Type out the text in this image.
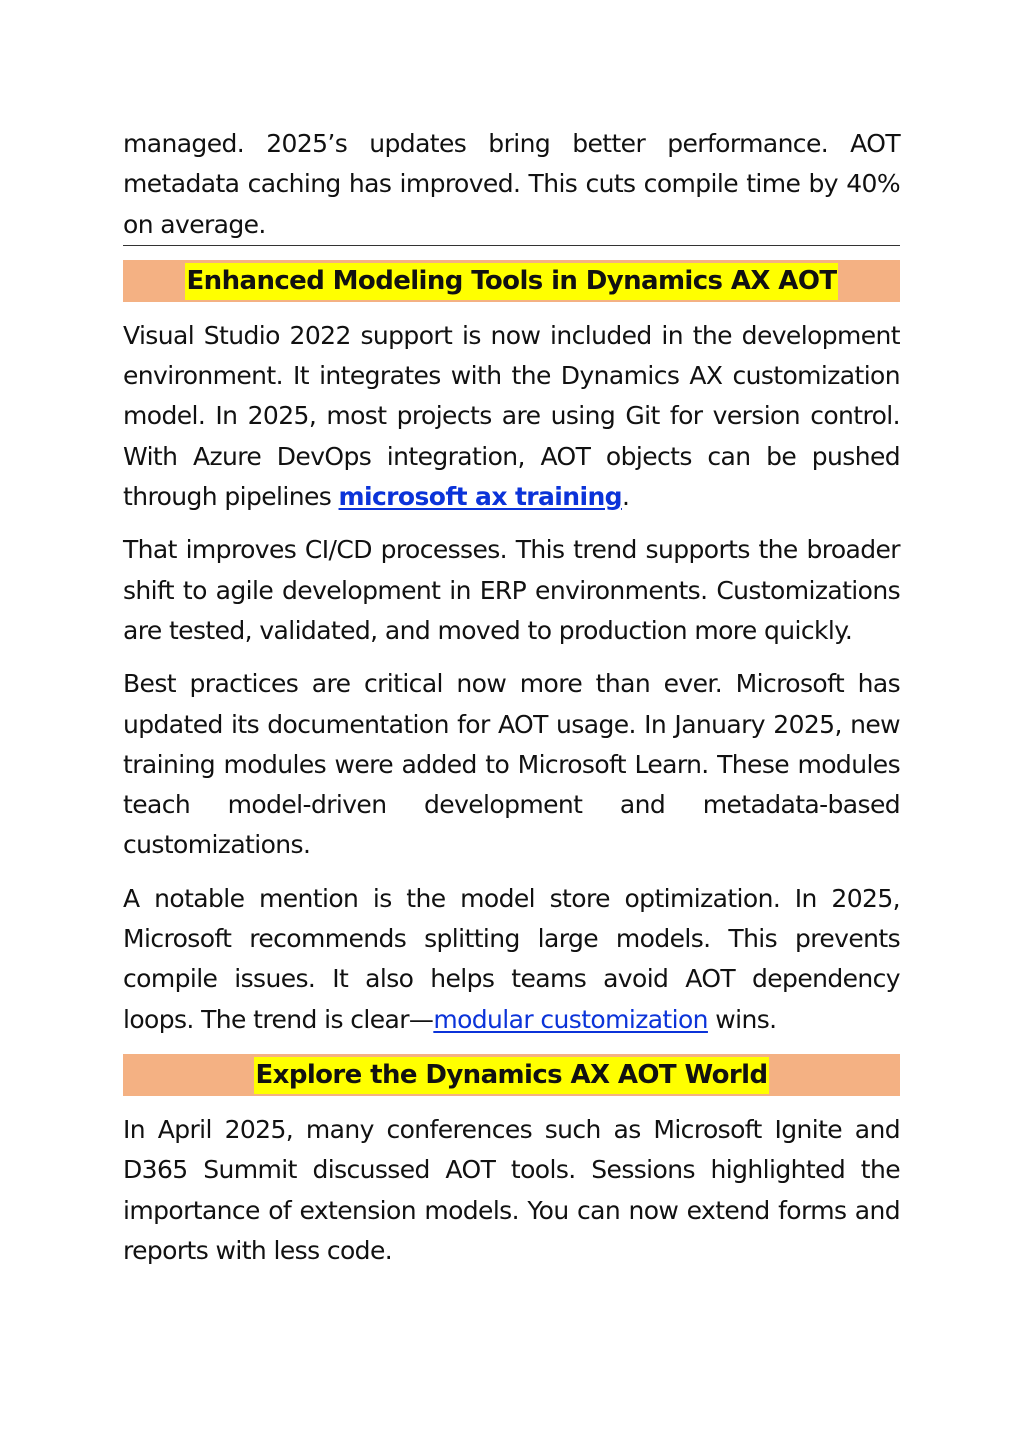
managed. 2025’s updates bring better performance. AOT metadata caching has improved. This cuts compile time by 40% on average.

Enhanced Modeling Tools in Dynamics AX AOT

Visual Studio 2022 support is now included in the development environment. It integrates with the Dynamics AX customization model. In 2025, most projects are using Git for version control. With Azure DevOps integration, AOT objects can be pushed through pipelines microsoft ax training.

That improves CI/CD processes. This trend supports the broader shift to agile development in ERP environments. Customizations are tested, validated, and moved to production more quickly.

Best practices are critical now more than ever. Microsoft has updated its documentation for AOT usage. In January 2025, new training modules were added to Microsoft Learn. These modules teach model-driven development and metadata-based customizations.

A notable mention is the model store optimization. In 2025, Microsoft recommends splitting large models. This prevents compile issues. It also helps teams avoid AOT dependency loops. The trend is clear—modular customization wins.

Explore the Dynamics AX AOT World

In April 2025, many conferences such as Microsoft Ignite and D365 Summit discussed AOT tools. Sessions highlighted the importance of extension models. You can now extend forms and reports with less code.
